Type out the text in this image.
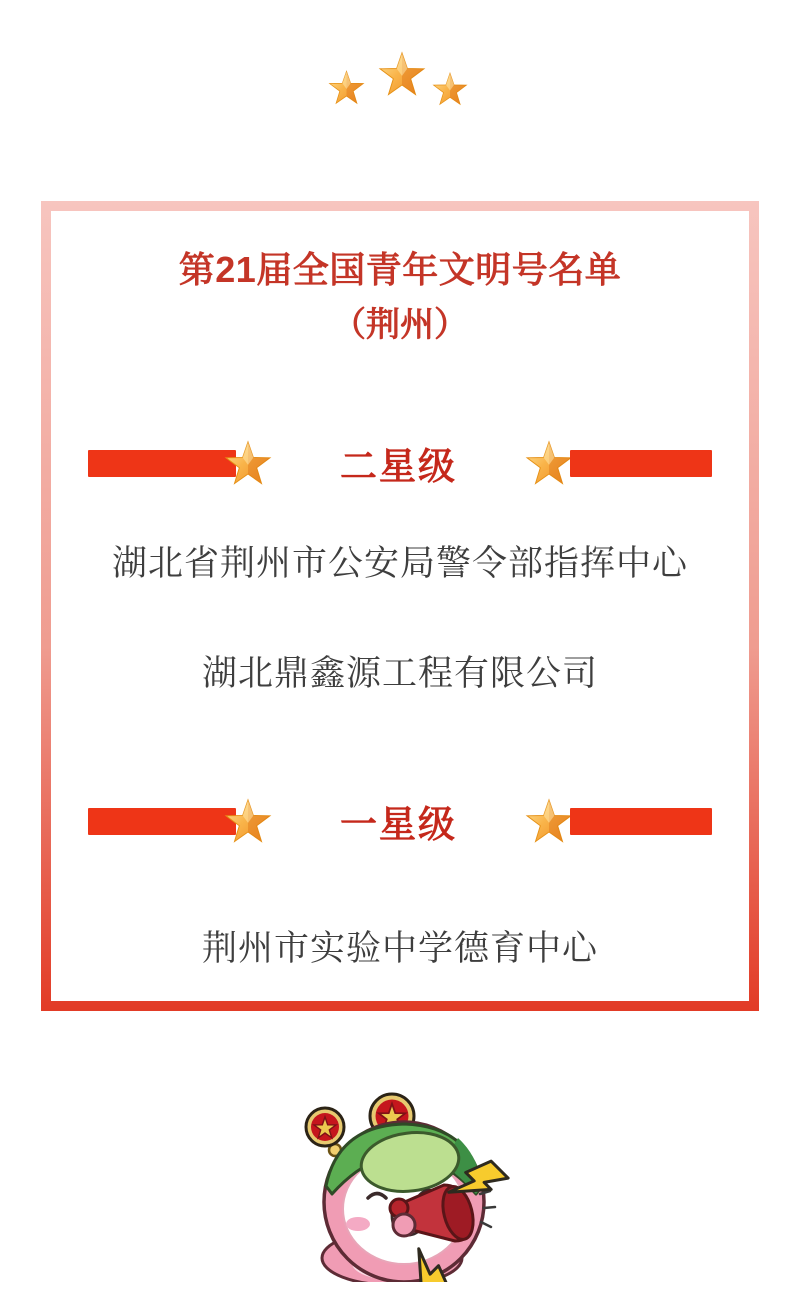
第21届全国青年文明号名单
（荆州）
二星级
湖北省荆州市公安局警令部指挥中心
湖北鼎鑫源工程有限公司
一星级
荆州市实验中学德育中心
